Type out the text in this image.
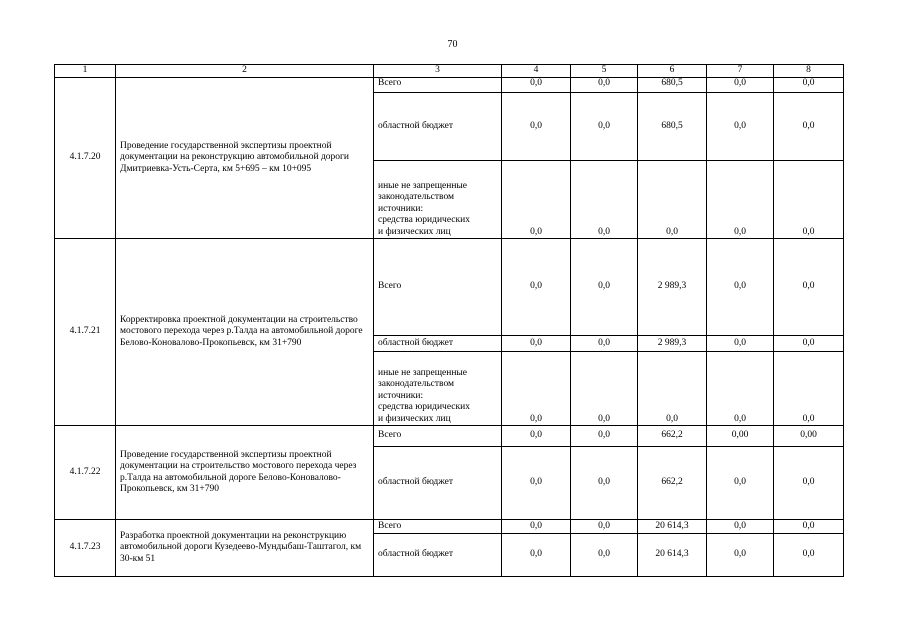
70
1	2	3	4	5	6	7	8
4.1.7.20	Проведение государственной экспертизы проектной документации на реконструкцию автомобильной дороги Дмитриевка-Усть-Серта, км 5+695 – км 10+095	Всего	0,0	0,0	680,5	0,0	0,0

		областной бюджет	0,0	0,0	680,5	0,0	0,0

		иные не запрещенные
законодательством
источники:
средства юридических
и физических лиц	0,0	0,0	0,0	0,0	0,0
4.1.7.21	Корректировка проектной документации на строительство мостового перехода через р.Талда на автомобильной дороге Белово-Коновалово-Прокопьевск, км 31+790	Всего	0,0	0,0	2 989,3	0,0	0,0

		областной бюджет	0,0	0,0	2 989,3	0,0	0,0

		иные не запрещенные
законодательством
источники:
средства юридических
и физических лиц	0,0	0,0	0,0	0,0	0,0
4.1.7.22	Проведение государственной экспертизы проектной документации на строительство мостового перехода через р.Талда на автомобильной дороге Белово-Коновалово-Прокопьевск, км 31+790	Всего	0,0	0,0	662,2	0,00	0,00

		областной бюджет	0,0	0,0	662,2	0,0	0,0
4.1.7.23	Разработка проектной документации на реконструкцию автомобильной дороги Кузедеево-Мундыбаш-Таштагол, км 30-км 51	Всего	0,0	0,0	20 614,3	0,0	0,0

		областной бюджет	0,0	0,0	20 614,3	0,0	0,0
